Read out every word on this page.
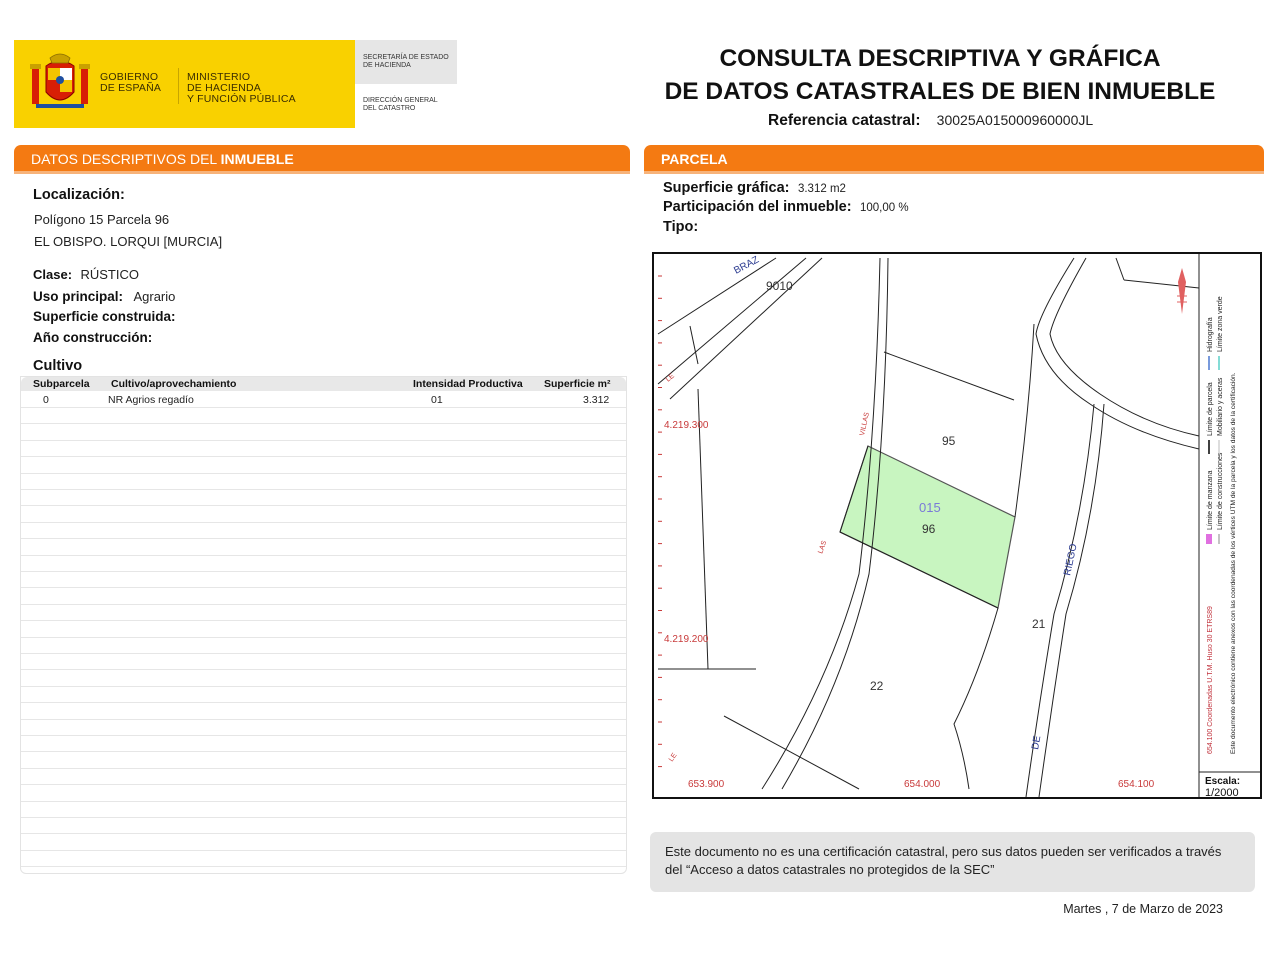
GOBIERNO
DE ESPAÑA
MINISTERIO
DE HACIENDA
Y FUNCIÓN PÚBLICA
SECRETARÍA DE ESTADO
DE HACIENDA
DIRECCIÓN GENERAL
DEL CATASTRO
CONSULTA DESCRIPTIVA Y GRÁFICA
DE DATOS CATASTRALES DE BIEN INMUEBLE
Referencia catastral: 30025A015000960000JL
DATOS DESCRIPTIVOS DEL INMUEBLE
Localización:
Polígono 15 Parcela 96
EL OBISPO. LORQUI [MURCIA]
Clase: RÚSTICO
Uso principal: Agrario
Superficie construida:
Año construcción:
Cultivo
Subparcela Cultivo/aprovechamiento	Intensidad Productiva Superficie m²
0	NR Agrios regadío	01	3.312
PARCELA
Superficie gráfica: 3.312 m2
Participación del inmueble: 100,00 %
Tipo:
4.219.300
4.219.200
653.900	654.000	654.100
9010
95
015
96
21
22
BRAZ
RIEGO
DE
VILLAS
LAS
LE
LE
654.100 Coordenadas U.T.M. Huso 30 ETRS89
Límite de manzana
Límite de parcela
Hidrografía
Límite de construcciones
Mobiliario y aceras
Límite zona verde
Este documento electrónico contiene anexos con las coordenadas de los vértices UTM de la parcela y los datos de la certificación.
Escala:
1/2000
Este documento no es una certificación catastral, pero sus datos pueden ser verificados a través del “Acceso a datos catastrales no protegidos de la SEC”
Martes , 7 de Marzo de 2023
